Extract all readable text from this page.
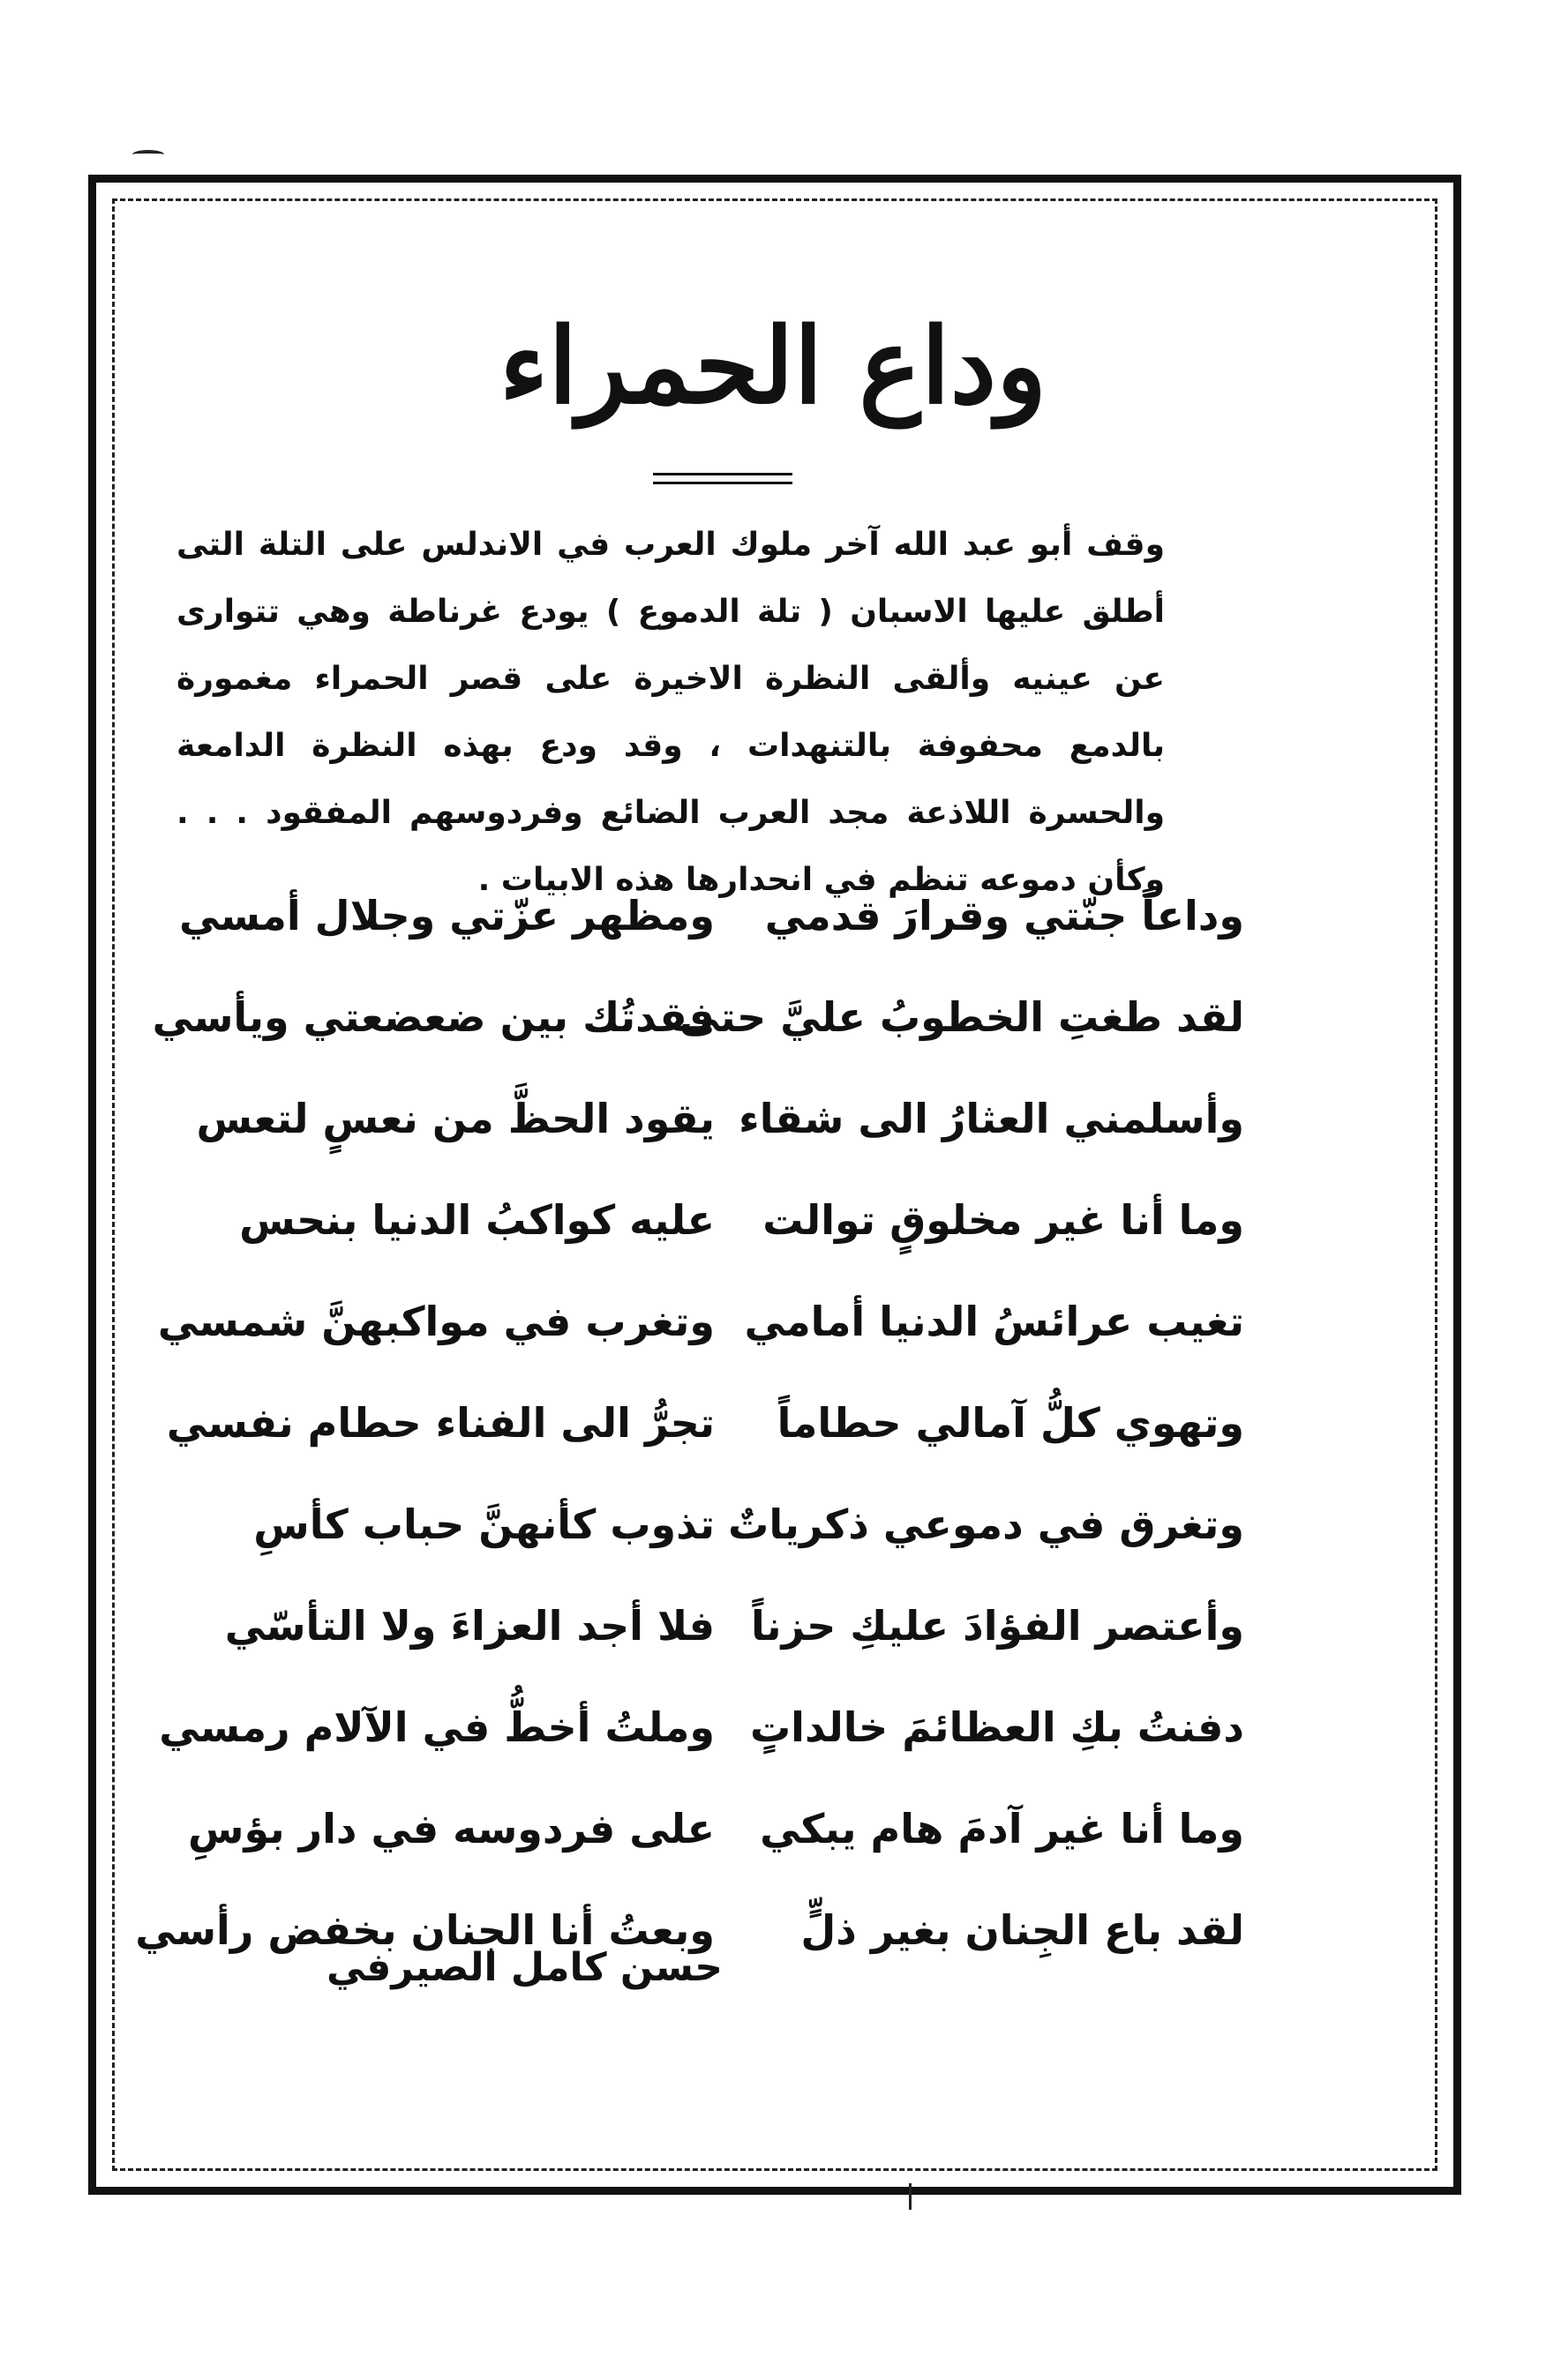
وداع الحمراء
وقف أبو عبد الله آخر ملوك العرب في الاندلس على التلة التى أطلق عليها الاسبان ( تلة الدموع ) يودع غرناطة وهي تتوارى عن عينيه وألقى النظرة الاخيرة على قصر الحمراء مغمورة بالدمع محفوفة بالتنهدات ، وقد ودع بهذه النظرة الدامعة والحسرة اللاذعة مجد العرب الضائع وفردوسهم المفقود . . . وكأن دموعه تنظم في انحدارها هذه الابيات .
وداعاً جنّتي وقرارَ قدمي
ومظهر عزّتي وجلال أمسي
لقد طغتِ الخطوبُ عليَّ حتى
فقدتُك بين ضعضعتي ويأسي
وأسلمني العثارُ الى شقاء
يقود الحظَّ من نعسٍ لتعس
وما أنا غير مخلوقٍ توالت
عليه كواكبُ الدنيا بنحس
تغيب عرائسُ الدنيا أمامي
وتغرب في مواكبهنَّ شمسي
وتهوي كلُّ آمالي حطاماً
تجرُّ الى الفناء حطام نفسي
وتغرق في دموعي ذكرياتٌ
تذوب كأنهنَّ حباب كأسِ
وأعتصر الفؤادَ عليكِ حزناً
فلا أجد العزاءَ ولا التأسّي
دفنتُ بكِ العظائمَ خالداتٍ
وملتُ أخطُّ في الآلام رمسي
وما أنا غير آدمَ هام يبكي
على فردوسه في دار بؤسِ
لقد باع الجِنان بغير ذلٍّ
وبعتُ أنا الجنان بخفض رأسي
حسن كامل الصيرفي
